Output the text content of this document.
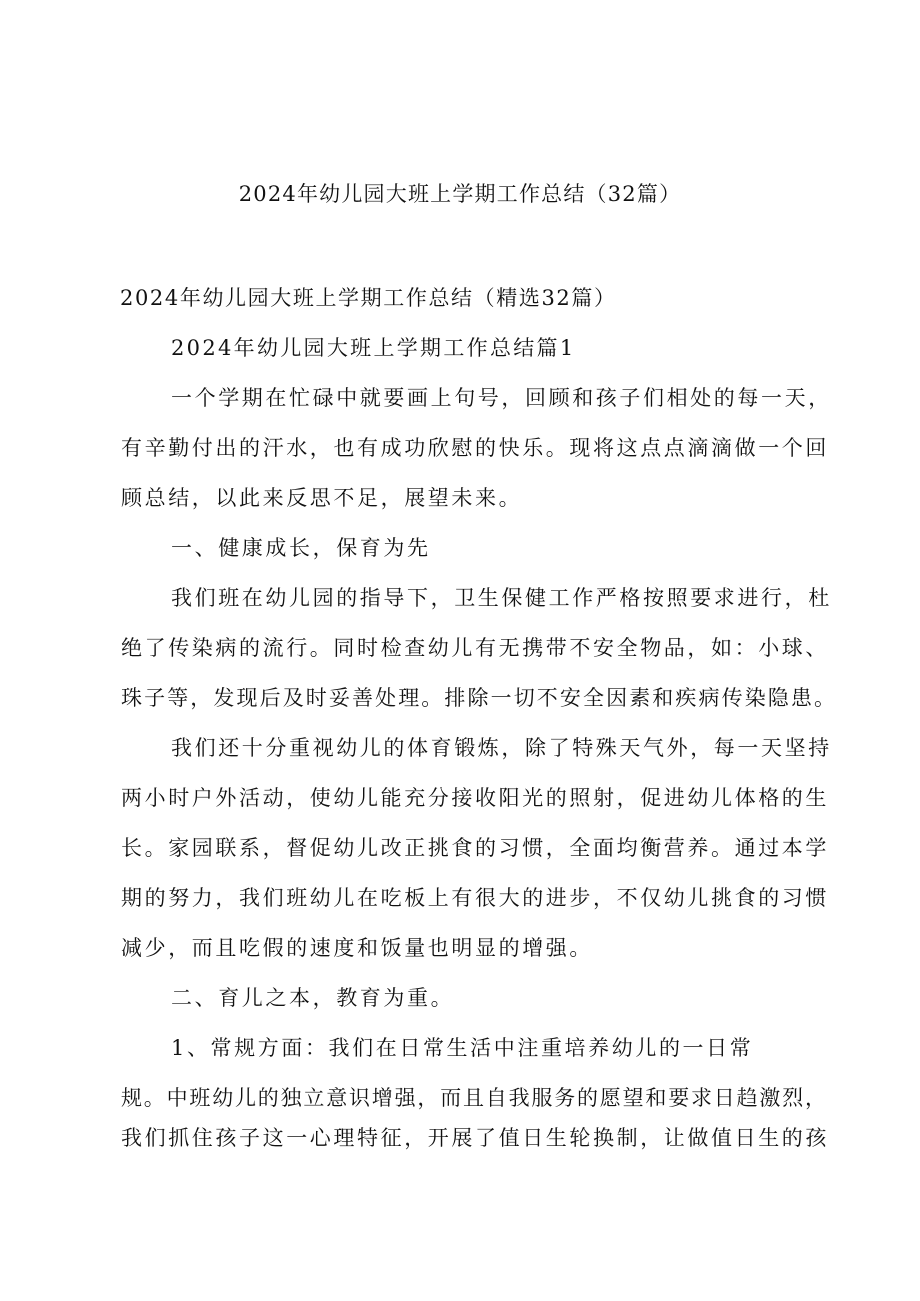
2024年幼儿园大班上学期工作总结（32篇）

2024年幼儿园大班上学期工作总结（精选32篇）

2024年幼儿园大班上学期工作总结篇1

一个学期在忙碌中就要画上句号，回顾和孩子们相处的每一天，

有辛勤付出的汗水，也有成功欣慰的快乐。现将这点点滴滴做一个回

顾总结，以此来反思不足，展望未来。

一、健康成长，保育为先

我们班在幼儿园的指导下，卫生保健工作严格按照要求进行，杜

绝了传染病的流行。同时检查幼儿有无携带不安全物品，如：小球、

珠子等，发现后及时妥善处理。排除一切不安全因素和疾病传染隐患。

我们还十分重视幼儿的体育锻炼，除了特殊天气外，每一天坚持

两小时户外活动，使幼儿能充分接收阳光的照射，促进幼儿体格的生

长。家园联系，督促幼儿改正挑食的习惯，全面均衡营养。通过本学

期的努力，我们班幼儿在吃板上有很大的进步，不仅幼儿挑食的习惯

减少，而且吃假的速度和饭量也明显的增强。

二、育儿之本，教育为重。

1、常规方面：我们在日常生活中注重培养幼儿的一日常

规。中班幼儿的独立意识增强，而且自我服务的愿望和要求日趋激烈，

我们抓住孩子这一心理特征，开展了值日生轮换制，让做值日生的孩
